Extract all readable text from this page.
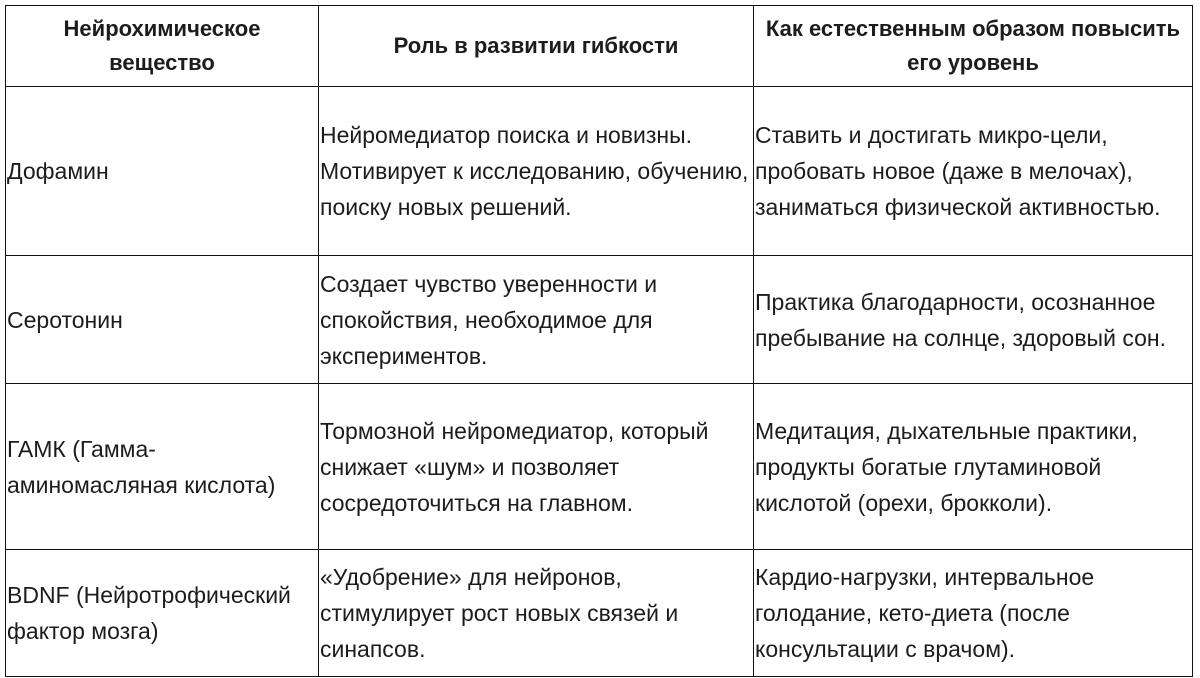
Нейрохимическое вещество	Роль в развитии гибкости	Как естественным образом повысить его уровень
Дофамин	Нейромедиатор поиска и новизны. Мотивирует к исследованию, обучению, поиску новых решений.	Ставить и достигать микро-цели, пробовать новое (даже в мелочах), заниматься физической активностью.
Серотонин	Создает чувство уверенности и спокойствия, необходимое для экспериментов.	Практика благодарности, осознанное пребывание на солнце, здоровый сон.
ГАМК (Гамма-аминомасляная кислота)	Тормозной нейромедиатор, который снижает «шум» и позволяет сосредоточиться на главном.	Медитация, дыхательные практики, продукты богатые глутаминовой кислотой (орехи, брокколи).
BDNF (Нейротрофический фактор мозга)	«Удобрение» для нейронов, стимулирует рост новых связей и синапсов.	Кардио-нагрузки, интервальное голодание, кето-диета (после консультации с врачом).
